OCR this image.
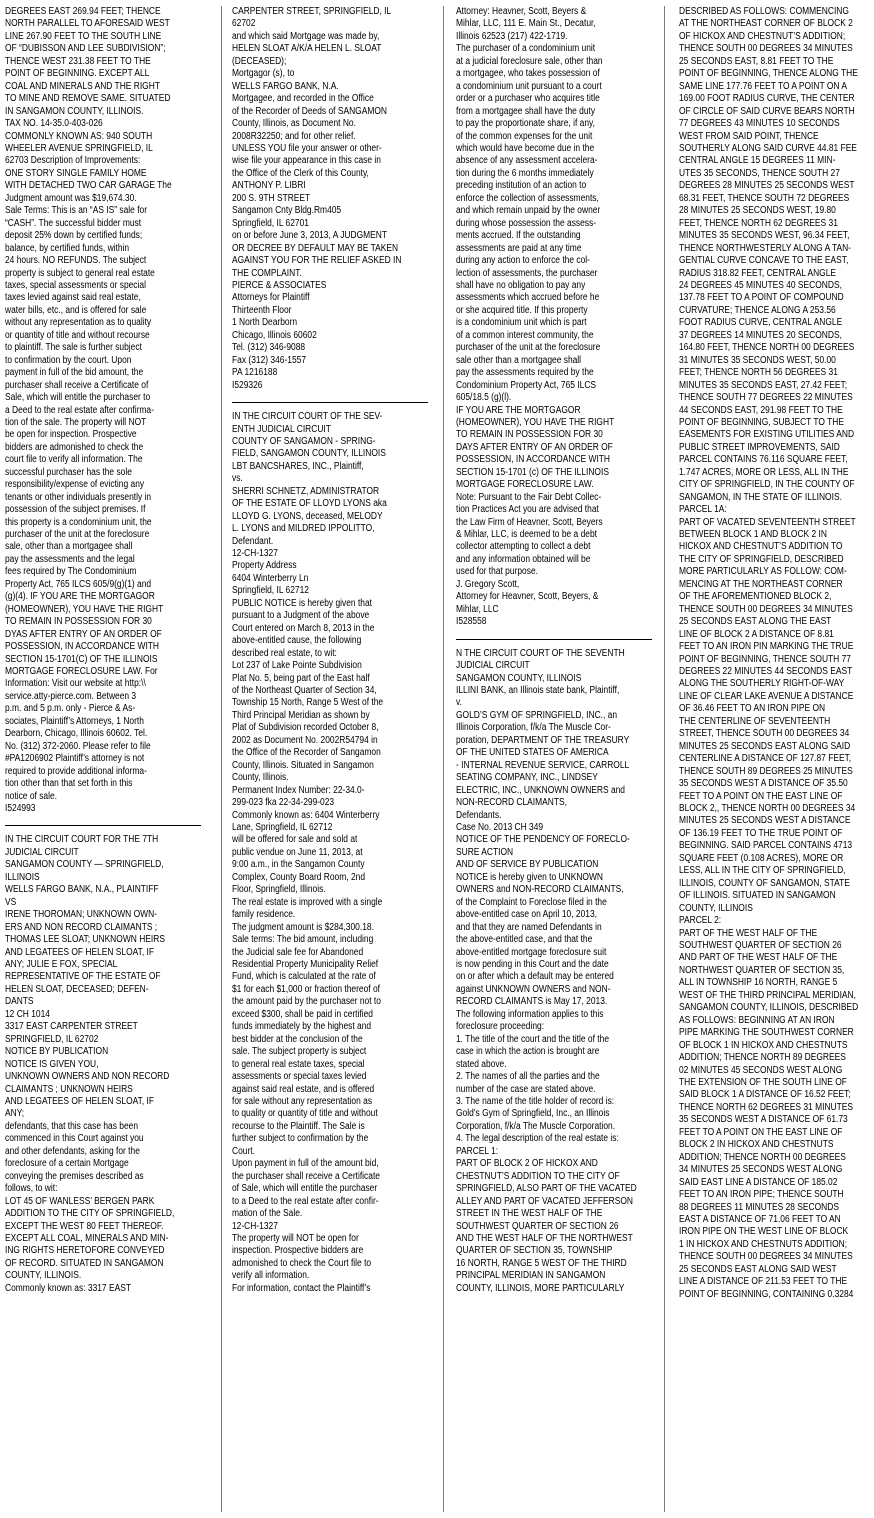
DEGREES EAST 269.94 FEET; THENCE

NORTH PARALLEL TO AFORESAID WEST

LINE 267.90 FEET TO THE SOUTH LINE

OF “DUBISSON AND LEE SUBDIVISION”;

THENCE WEST 231.38 FEET TO THE

POINT OF BEGINNING. EXCEPT ALL

COAL AND MINERALS AND THE RIGHT

TO MINE AND REMOVE SAME. SITUATED

IN SANGAMON COUNTY, ILLINOIS.

TAX NO. 14-35.0-403-026

COMMONLY KNOWN AS: 940 SOUTH

WHEELER AVENUE SPRINGFIELD, IL

62703 Description of Improvements:

ONE STORY SINGLE FAMILY HOME

WITH DETACHED TWO CAR GARAGE The

Judgment amount was $19,674.30.

Sale Terms: This is an “AS IS” sale for

“CASH”. The successful bidder must

deposit 25% down by certified funds;

balance, by certified funds, within

24 hours. NO REFUNDS. The subject

property is subject to general real estate

taxes, special assessments or special

taxes levied against said real estate,

water bills, etc., and is offered for sale

without any representation as to quality

or quantity of title and without recourse

to plaintiff. The sale is further subject

to confirmation by the court. Upon

payment in full of the bid amount, the

purchaser shall receive a Certificate of

Sale, which will entitle the purchaser to

a Deed to the real estate after confirma-

tion of the sale. The property will NOT

be open for inspection. Prospective

bidders are admonished to check the

court file to verify all information. The

successful purchaser has the sole

responsibility/expense of evicting any

tenants or other individuals presently in

possession of the subject premises. If

this property is a condominium unit, the

purchaser of the unit at the foreclosure

sale, other than a mortgagee shall

pay the assessments and the legal

fees required by The Condominium

Property Act, 765 ILCS 605/9(g)(1) and

(g)(4). IF YOU ARE THE MORTGAGOR

(HOMEOWNER), YOU HAVE THE RIGHT

TO REMAIN IN POSSESSION FOR 30

DYAS AFTER ENTRY OF AN ORDER OF

POSSESSION, IN ACCORDANCE WITH

SECTION 15-1701(C) OF THE ILLINOIS

MORTGAGE FORECLOSURE LAW. For

Information: Visit our website at http:\\

service.atty-pierce.com. Between 3

p.m. and 5 p.m. only - Pierce & As-

sociates, Plaintiff’s Attorneys, 1 North

Dearborn, Chicago, Illinois 60602. Tel.

No. (312) 372-2060. Please refer to file

#PA1206902 Plaintiff’s attorney is not

required to provide additional informa-

tion other than that set forth in this

notice of sale.

I524993

IN THE CIRCUIT COURT FOR THE 7TH

JUDICIAL CIRCUIT

SANGAMON COUNTY — SPRINGFIELD,

ILLINOIS

WELLS FARGO BANK, N.A., PLAINTIFF

VS

IRENE THOROMAN; UNKNOWN OWN-

ERS AND NON RECORD CLAIMANTS ;

THOMAS LEE SLOAT; UNKNOWN HEIRS

AND LEGATEES OF HELEN SLOAT, IF

ANY; JULIE E FOX, SPECIAL

REPRESENTATIVE OF THE ESTATE OF

HELEN SLOAT, DECEASED; DEFEN-

DANTS

12 CH 1014

3317 EAST CARPENTER STREET

SPRINGFIELD, IL 62702

NOTICE BY PUBLICATION

NOTICE IS GIVEN YOU,

UNKNOWN OWNERS AND NON RECORD

CLAIMANTS ; UNKNOWN HEIRS

AND LEGATEES OF HELEN SLOAT, IF

ANY;

defendants, that this case has been

commenced in this Court against you

and other defendants, asking for the

foreclosure of a certain Mortgage

conveying the premises described as

follows, to wit:

LOT 45 OF WANLESS’ BERGEN PARK

ADDITION TO THE CITY OF SPRINGFIELD,

EXCEPT THE WEST 80 FEET THEREOF.

EXCEPT ALL COAL, MINERALS AND MIN-

ING RIGHTS HERETOFORE CONVEYED

OF RECORD. SITUATED IN SANGAMON

COUNTY, ILLINOIS.

Commonly known as: 3317 EAST

CARPENTER STREET, SPRINGFIELD, IL

62702

and which said Mortgage was made by,

HELEN SLOAT A/K/A HELEN L. SLOAT

(DECEASED);

Mortgagor (s), to

WELLS FARGO BANK, N.A.

Mortgagee, and recorded in the Office

of the Recorder of Deeds of SANGAMON

County, Illinois, as Document No.

2008R32250; and for other relief.

UNLESS YOU file your answer or other-

wise file your appearance in this case in

the Office of the Clerk of this County,

ANTHONY P. LIBRI

200 S. 9TH STREET

Sangamon Cnty Bldg.Rm405

Springfield, IL 62701

on or before June 3, 2013, A JUDGMENT

OR DECREE BY DEFAULT MAY BE TAKEN

AGAINST YOU FOR THE RELIEF ASKED IN

THE COMPLAINT.

PIERCE & ASSOCIATES

Attorneys for Plaintiff

Thirteenth Floor

1 North Dearborn

Chicago, Illinois 60602

Tel. (312) 346-9088

Fax (312) 346-1557

PA 1216188

I529326

IN THE CIRCUIT COURT OF THE SEV-

ENTH JUDICIAL CIRCUIT

COUNTY OF SANGAMON - SPRING-

FIELD, SANGAMON COUNTY, ILLINOIS

LBT BANCSHARES, INC., Plaintiff,

vs.

SHERRI SCHNETZ, ADMINISTRATOR

OF THE ESTATE OF LLOYD LYONS aka

LLOYD G. LYONS, deceased, MELODY

L. LYONS and MILDRED IPPOLITTO,

Defendant.

12-CH-1327

Property Address

6404 Winterberry Ln

Springfield, IL 62712

PUBLIC NOTICE is hereby given that

pursuant to a Judgment of the above

Court entered on March 8, 2013 in the

above-entitled cause, the following

described real estate, to wit:

Lot 237 of Lake Pointe Subdivision

Plat No. 5, being part of the East half

of the Northeast Quarter of Section 34,

Township 15 North, Range 5 West of the

Third Principal Meridian as shown by

Plat of Subdivision recorded October 8,

2002 as Document No. 2002R54794 in

the Office of the Recorder of Sangamon

County, Illinois. Situated in Sangamon

County, Illinois.

Permanent Index Number: 22-34.0-

299-023 fka 22-34-299-023

Commonly known as: 6404 Winterberry

Lane, Springfield, IL 62712

will be offered for sale and sold at

public vendue on June 11, 2013, at

9:00 a.m., in the Sangamon County

Complex, County Board Room, 2nd

Floor, Springfield, Illinois.

The real estate is improved with a single

family residence.

The judgment amount is $284,300.18.

Sale terms: The bid amount, including

the Judicial sale fee for Abandoned

Residential Property Municipality Relief

Fund, which is calculated at the rate of

$1 for each $1,000 or fraction thereof of

the amount paid by the purchaser not to

exceed $300, shall be paid in certified

funds immediately by the highest and

best bidder at the conclusion of the

sale. The subject property is subject

to general real estate taxes, special

assessments or special taxes levied

against said real estate, and is offered

for sale without any representation as

to quality or quantity of title and without

recourse to the Plaintiff. The Sale is

further subject to confirmation by the

Court.

Upon payment in full of the amount bid,

the purchaser shall receive a Certificate

of Sale, which will entitle the purchaser

to a Deed to the real estate after confir-

mation of the Sale.

12-CH-1327

The property will NOT be open for

inspection. Prospective bidders are

admonished to check the Court file to

verify all information.

For information, contact the Plaintiff’s

Attorney: Heavner, Scott, Beyers &

Mihlar, LLC, 111 E. Main St., Decatur,

Illinois 62523 (217) 422-1719.

The purchaser of a condominium unit

at a judicial foreclosure sale, other than

a mortgagee, who takes possession of

a condominium unit pursuant to a court

order or a purchaser who acquires title

from a mortgagee shall have the duty

to pay the proportionate share, if any,

of the common expenses for the unit

which would have become due in the

absence of any assessment accelera-

tion during the 6 months immediately

preceding institution of an action to

enforce the collection of assessments,

and which remain unpaid by the owner

during whose possession the assess-

ments accrued. If the outstanding

assessments are paid at any time

during any action to enforce the col-

lection of assessments, the purchaser

shall have no obligation to pay any

assessments which accrued before he

or she acquired title. If this property

is a condominium unit which is part

of a common interest community, the

purchaser of the unit at the foreclosure

sale other than a mortgagee shall

pay the assessments required by the

Condominium Property Act, 765 ILCS

605/18.5 (g)(l).

IF YOU ARE THE MORTGAGOR

(HOMEOWNER), YOU HAVE THE RIGHT

TO REMAIN IN POSSESSION FOR 30

DAYS AFTER ENTRY OF AN ORDER OF

POSSESSION, IN ACCORDANCE WITH

SECTION 15-1701 (c) OF THE ILLINOIS

MORTGAGE FORECLOSURE LAW.

Note: Pursuant to the Fair Debt Collec-

tion Practices Act you are advised that

the Law Firm of Heavner, Scott, Beyers

& Mihlar, LLC, is deemed to be a debt

collector attempting to collect a debt

and any information obtained will be

used for that purpose.

J. Gregory Scott,

Attorney for Heavner, Scott, Beyers, &

Mihlar, LLC

I528558

N THE CIRCUIT COURT OF THE SEVENTH

JUDICIAL CIRCUIT

SANGAMON COUNTY, ILLINOIS

ILLINI BANK, an Illinois state bank, Plaintiff,

v.

GOLD’S GYM OF SPRINGFIELD, INC., an

Illinois Corporation, f/k/a The Muscle Cor-

poration, DEPARTMENT OF THE TREASURY

OF THE UNITED STATES OF AMERICA

- INTERNAL REVENUE SERVICE, CARROLL

SEATING COMPANY, INC., LINDSEY

ELECTRIC, INC., UNKNOWN OWNERS and

NON-RECORD CLAIMANTS,

Defendants.

Case No. 2013 CH 349

NOTICE OF THE PENDENCY OF FORECLO-

SURE ACTION

AND OF SERVICE BY PUBLICATION

NOTICE is hereby given to UNKNOWN

OWNERS and NON-RECORD CLAIMANTS,

of the Complaint to Foreclose filed in the

above-entitled case on April 10, 2013,

and that they are named Defendants in

the above-entitled case, and that the

above-entitled mortgage foreclosure suit

is now pending in this Court and the date

on or after which a default may be entered

against UNKNOWN OWNERS and NON-

RECORD CLAIMANTS is May 17, 2013.

The following information applies to this

foreclosure proceeding:

1. The title of the court and the title of the

case in which the action is brought are

stated above.

2. The names of all the parties and the

number of the case are stated above.

3. The name of the title holder of record is:

Gold’s Gym of Springfield, Inc., an Illinois

Corporation, f/k/a The Muscle Corporation.

4. The legal description of the real estate is:

PARCEL 1:

PART OF BLOCK 2 OF HICKOX AND

CHESTNUT’S ADDITION TO THE CITY OF

SPRINGFIELD, ALSO PART OF THE VACATED

ALLEY AND PART OF VACATED JEFFERSON

STREET IN THE WEST HALF OF THE

SOUTHWEST QUARTER OF SECTION 26

AND THE WEST HALF OF THE NORTHWEST

QUARTER OF SECTION 35, TOWNSHIP

16 NORTH, RANGE 5 WEST OF THE THIRD

PRINCIPAL MERIDIAN IN SANGAMON

COUNTY, ILLINOIS, MORE PARTICULARLY

DESCRIBED AS FOLLOWS: COMMENCING

AT THE NORTHEAST CORNER OF BLOCK 2

OF HICKOX AND CHESTNUT’S ADDITION;

THENCE SOUTH 00 DEGREES 34 MINUTES

25 SECONDS EAST, 8.81 FEET TO THE

POINT OF BEGINNING, THENCE ALONG THE

SAME LINE 177.76 FEET TO A POINT ON A

169.00 FOOT RADIUS CURVE, THE CENTER

OF CIRCLE OF SAID CURVE BEARS NORTH

77 DEGREES 43 MINUTES 10 SECONDS

WEST FROM SAID POINT, THENCE

SOUTHERLY ALONG SAID CURVE 44.81 FEE

CENTRAL ANGLE 15 DEGREES 11 MIN-

UTES 35 SECONDS, THENCE SOUTH 27

DEGREES 28 MINUTES 25 SECONDS WEST

68.31 FEET, THENCE SOUTH 72 DEGREES

28 MINUTES 25 SECONDS WEST, 19.80

FEET, THENCE NORTH 62 DEGREES 31

MINUTES 35 SECONDS WEST, 96.34 FEET,

THENCE NORTHWESTERLY ALONG A TAN-

GENTIAL CURVE CONCAVE TO THE EAST,

RADIUS 318.82 FEET, CENTRAL ANGLE

24 DEGREES 45 MINUTES 40 SECONDS,

137.78 FEET TO A POINT OF COMPOUND

CURVATURE; THENCE ALONG A 253.56

FOOT RADIUS CURVE, CENTRAL ANGLE

37 DEGREES 14 MINUTES 20 SECONDS,

164.80 FEET, THENCE NORTH 00 DEGREES

31 MINUTES 35 SECONDS WEST, 50.00

FEET; THENCE NORTH 56 DEGREES 31

MINUTES 35 SECONDS EAST, 27.42 FEET;

THENCE SOUTH 77 DEGREES 22 MINUTES

44 SECONDS EAST, 291.98 FEET TO THE

POINT OF BEGINNING, SUBJECT TO THE

EASEMENTS FOR EXISTING UTILITIES AND

PUBLIC STREET IMPROVEMENTS, SAID

PARCEL CONTAINS 76.116 SQUARE FEET,

1.747 ACRES, MORE OR LESS, ALL IN THE

CITY OF SPRINGFIELD, IN THE COUNTY OF

SANGAMON, IN THE STATE OF ILLINOIS.

PARCEL 1A:

PART OF VACATED SEVENTEENTH STREET

BETWEEN BLOCK 1 AND BLOCK 2 IN

HICKOX AND CHESTNUT’S ADDITION TO

THE CITY OF SPRINGFIELD, DESCRIBED

MORE PARTICULARLY AS FOLLOW: COM-

MENCING AT THE NORTHEAST CORNER

OF THE AFOREMENTIONED BLOCK 2,

THENCE SOUTH 00 DEGREES 34 MINUTES

25 SECONDS EAST ALONG THE EAST

LINE OF BLOCK 2 A DISTANCE OF 8.81

FEET TO AN IRON PIN MARKING THE TRUE

POINT OF BEGINNING, THENCE SOUTH 77

DEGREES 22 MINUTES 44 SECONDS EAST

ALONG THE SOUTHERLY RIGHT-OF-WAY

LINE OF CLEAR LAKE AVENUE A DISTANCE

OF 36.46 FEET TO AN IRON PIPE ON

THE CENTERLINE OF SEVENTEENTH

STREET, THENCE SOUTH 00 DEGREES 34

MINUTES 25 SECONDS EAST ALONG SAID

CENTERLINE A DISTANCE OF 127.87 FEET,

THENCE SOUTH 89 DEGREES 25 MINUTES

35 SECONDS WEST A DISTANCE OF 35.50

FEET TO A POINT ON THE EAST LINE OF

BLOCK 2,, THENCE NORTH 00 DEGREES 34

MINUTES 25 SECONDS WEST A DISTANCE

OF 136.19 FEET TO THE TRUE POINT OF

BEGINNING. SAID PARCEL CONTAINS 4713

SQUARE FEET (0.108 ACRES), MORE OR

LESS, ALL IN THE CITY OF SPRINGFIELD,

ILLINOIS, COUNTY OF SANGAMON, STATE

OF ILLINOIS. SITUATED IN SANGAMON

COUNTY, ILLINOIS

PARCEL 2:

PART OF THE WEST HALF OF THE

SOUTHWEST QUARTER OF SECTION 26

AND PART OF THE WEST HALF OF THE

NORTHWEST QUARTER OF SECTION 35,

ALL IN TOWNSHIP 16 NORTH, RANGE 5

WEST OF THE THIRD PRINCIPAL MERIDIAN,

SANGAMON COUNTY, ILLINOIS, DESCRIBED

AS FOLLOWS: BEGINNING AT AN IRON

PIPE MARKING THE SOUTHWEST CORNER

OF BLOCK 1 IN HICKOX AND CHESTNUTS

ADDITION; THENCE NORTH 89 DEGREES

02 MINUTES 45 SECONDS WEST ALONG

THE EXTENSION OF THE SOUTH LINE OF

SAID BLOCK 1 A DISTANCE OF 16.52 FEET;

THENCE NORTH 62 DEGREES 31 MINUTES

35 SECONDS WEST A DISTANCE OF 61.73

FEET TO A POINT ON THE EAST LINE OF

BLOCK 2 IN HICKOX AND CHESTNUTS

ADDITION; THENCE NORTH 00 DEGREES

34 MINUTES 25 SECONDS WEST ALONG

SAID EAST LINE A DISTANCE OF 185.02

FEET TO AN IRON PIPE; THENCE SOUTH

88 DEGREES 11 MINUTES 28 SECONDS

EAST A DISTANCE OF 71.06 FEET TO AN

IRON PIPE ON THE WEST LINE OF BLOCK

1 IN HICKOX AND CHESTNUTS ADDITION;

THENCE SOUTH 00 DEGREES 34 MINUTES

25 SECONDS EAST ALONG SAID WEST

LINE A DISTANCE OF 211.53 FEET TO THE

POINT OF BEGINNING, CONTAINING 0.3284
